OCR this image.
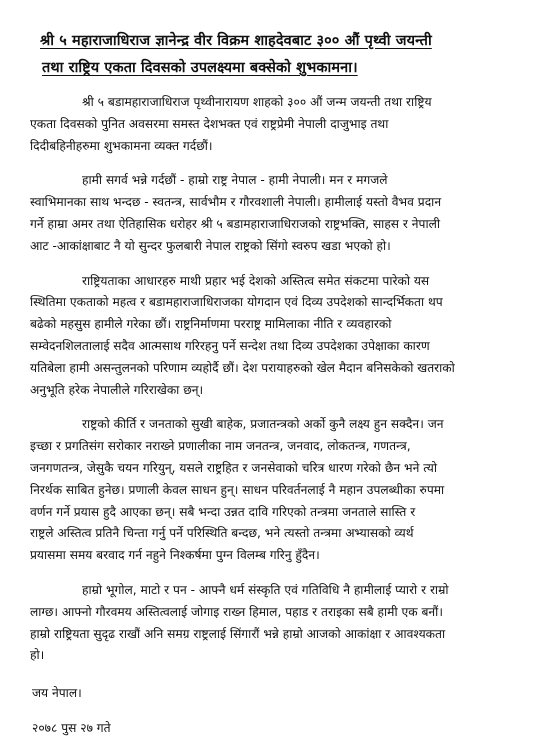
श्री ५ महाराजाधिराज ज्ञानेन्द्र वीर विक्रम शाहदेवबाट ३०० औं पृथ्वी जयन्ती
तथा राष्ट्रिय एकता दिवसको उपलक्ष्यमा बक्सेको शुभकामना।
श्री ५ बडामहाराजाधिराज पृथ्वीनारायण शाहको ३०० औं जन्म जयन्ती तथा राष्ट्रिय
एकता दिवसको पुनित अवसरमा समस्त देशभक्त एवं राष्ट्रप्रेमी नेपाली दाजुभाइ तथा
दिदीबहिनीहरुमा शुभकामना व्यक्त गर्दछौं।
हामी सगर्व भन्ने गर्दछौं - हाम्रो राष्ट्र नेपाल - हामी नेपाली। मन र मगजले
स्वाभिमानका साथ भन्दछ - स्वतन्त्र, सार्वभौम र गौरवशाली नेपाली। हामीलाई यस्तो वैभव प्रदान
गर्ने हाम्रा अमर तथा ऐतिहासिक धरोहर श्री ५ बडामहाराजाधिराजको राष्ट्रभक्ति, साहस र नेपाली
आट -आकांक्षाबाट नै यो सुन्दर फुलबारी नेपाल राष्ट्रको सिंगो स्वरुप खडा भएको हो।
राष्ट्रियताका आधारहरु माथी प्रहार भई देशको अस्तित्व समेत संकटमा पारेको यस
स्थितिमा एकताको महत्व र बडामहाराजाधिराजका योगदान एवं दिव्य उपदेशको सान्दर्भिकता थप
बढेको महसुस हामीले गरेका छौं। राष्ट्रनिर्माणमा परराष्ट्र मामिलाका नीति र व्यवहारको
सम्वेदनशिलतालाई सदैव आत्मसाथ गरिरहनु पर्ने सन्देश तथा दिव्य उपदेशका उपेक्षाका कारण
यतिबेला हामी असन्तुलनको परिणाम व्यहोर्दै छौं। देश परायाहरुको खेल मैदान बनिसकेको खतराको
अनुभूति हरेक नेपालीले गरिराखेका छन्।
राष्ट्रको कीर्ति र जनताको सुखी बाहेक, प्रजातन्त्रको अर्को कुनै लक्ष्य हुन सक्दैन। जन
इच्छा र प्रगतिसंग सरोकार नराख्ने प्रणालीका नाम जनतन्त्र, जनवाद, लोकतन्त्र, गणतन्त्र,
जनगणतन्त्र, जेसुकै चयन गरियुन्, यसले राष्ट्रहित र जनसेवाको चरित्र धारण गरेको छैन भने त्यो
निरर्थक साबित हुनेछ। प्रणाली केवल साधन हुन्। साधन परिवर्तनलाई नै महान उपलब्धीका रुपमा
वर्णन गर्ने प्रयास हुदै आएका छन्। सबै भन्दा उन्नत दावि गरिएको तन्त्रमा जनताले सास्ति र
राष्ट्रले अस्तित्व प्रतिनै चिन्ता गर्नु पर्ने परिस्थिति बन्दछ, भने त्यस्तो तन्त्रमा अभ्यासको व्यर्थ
प्रयासमा समय बरवाद गर्न नहुने निश्कर्षमा पुग्न विलम्ब गरिनु हुँदैन।
हाम्रो भूगोल, माटो र पन - आफ्नै धर्म संस्कृति एवं गतिविधि नै हामीलाई प्यारो र राम्रो
लाग्छ। आफ्नो गौरवमय अस्तित्वलाई जोगाइ राख्न हिमाल, पहाड र तराइका सबै हामी एक बनौं।
हाम्रो राष्ट्रियता सुदृढ राखौं अनि समग्र राष्ट्रलाई सिंगारौं भन्ने हाम्रो आजको आकांक्षा र आवश्यकता
हो।
जय नेपाल।
२०७८ पुस २७ गते
